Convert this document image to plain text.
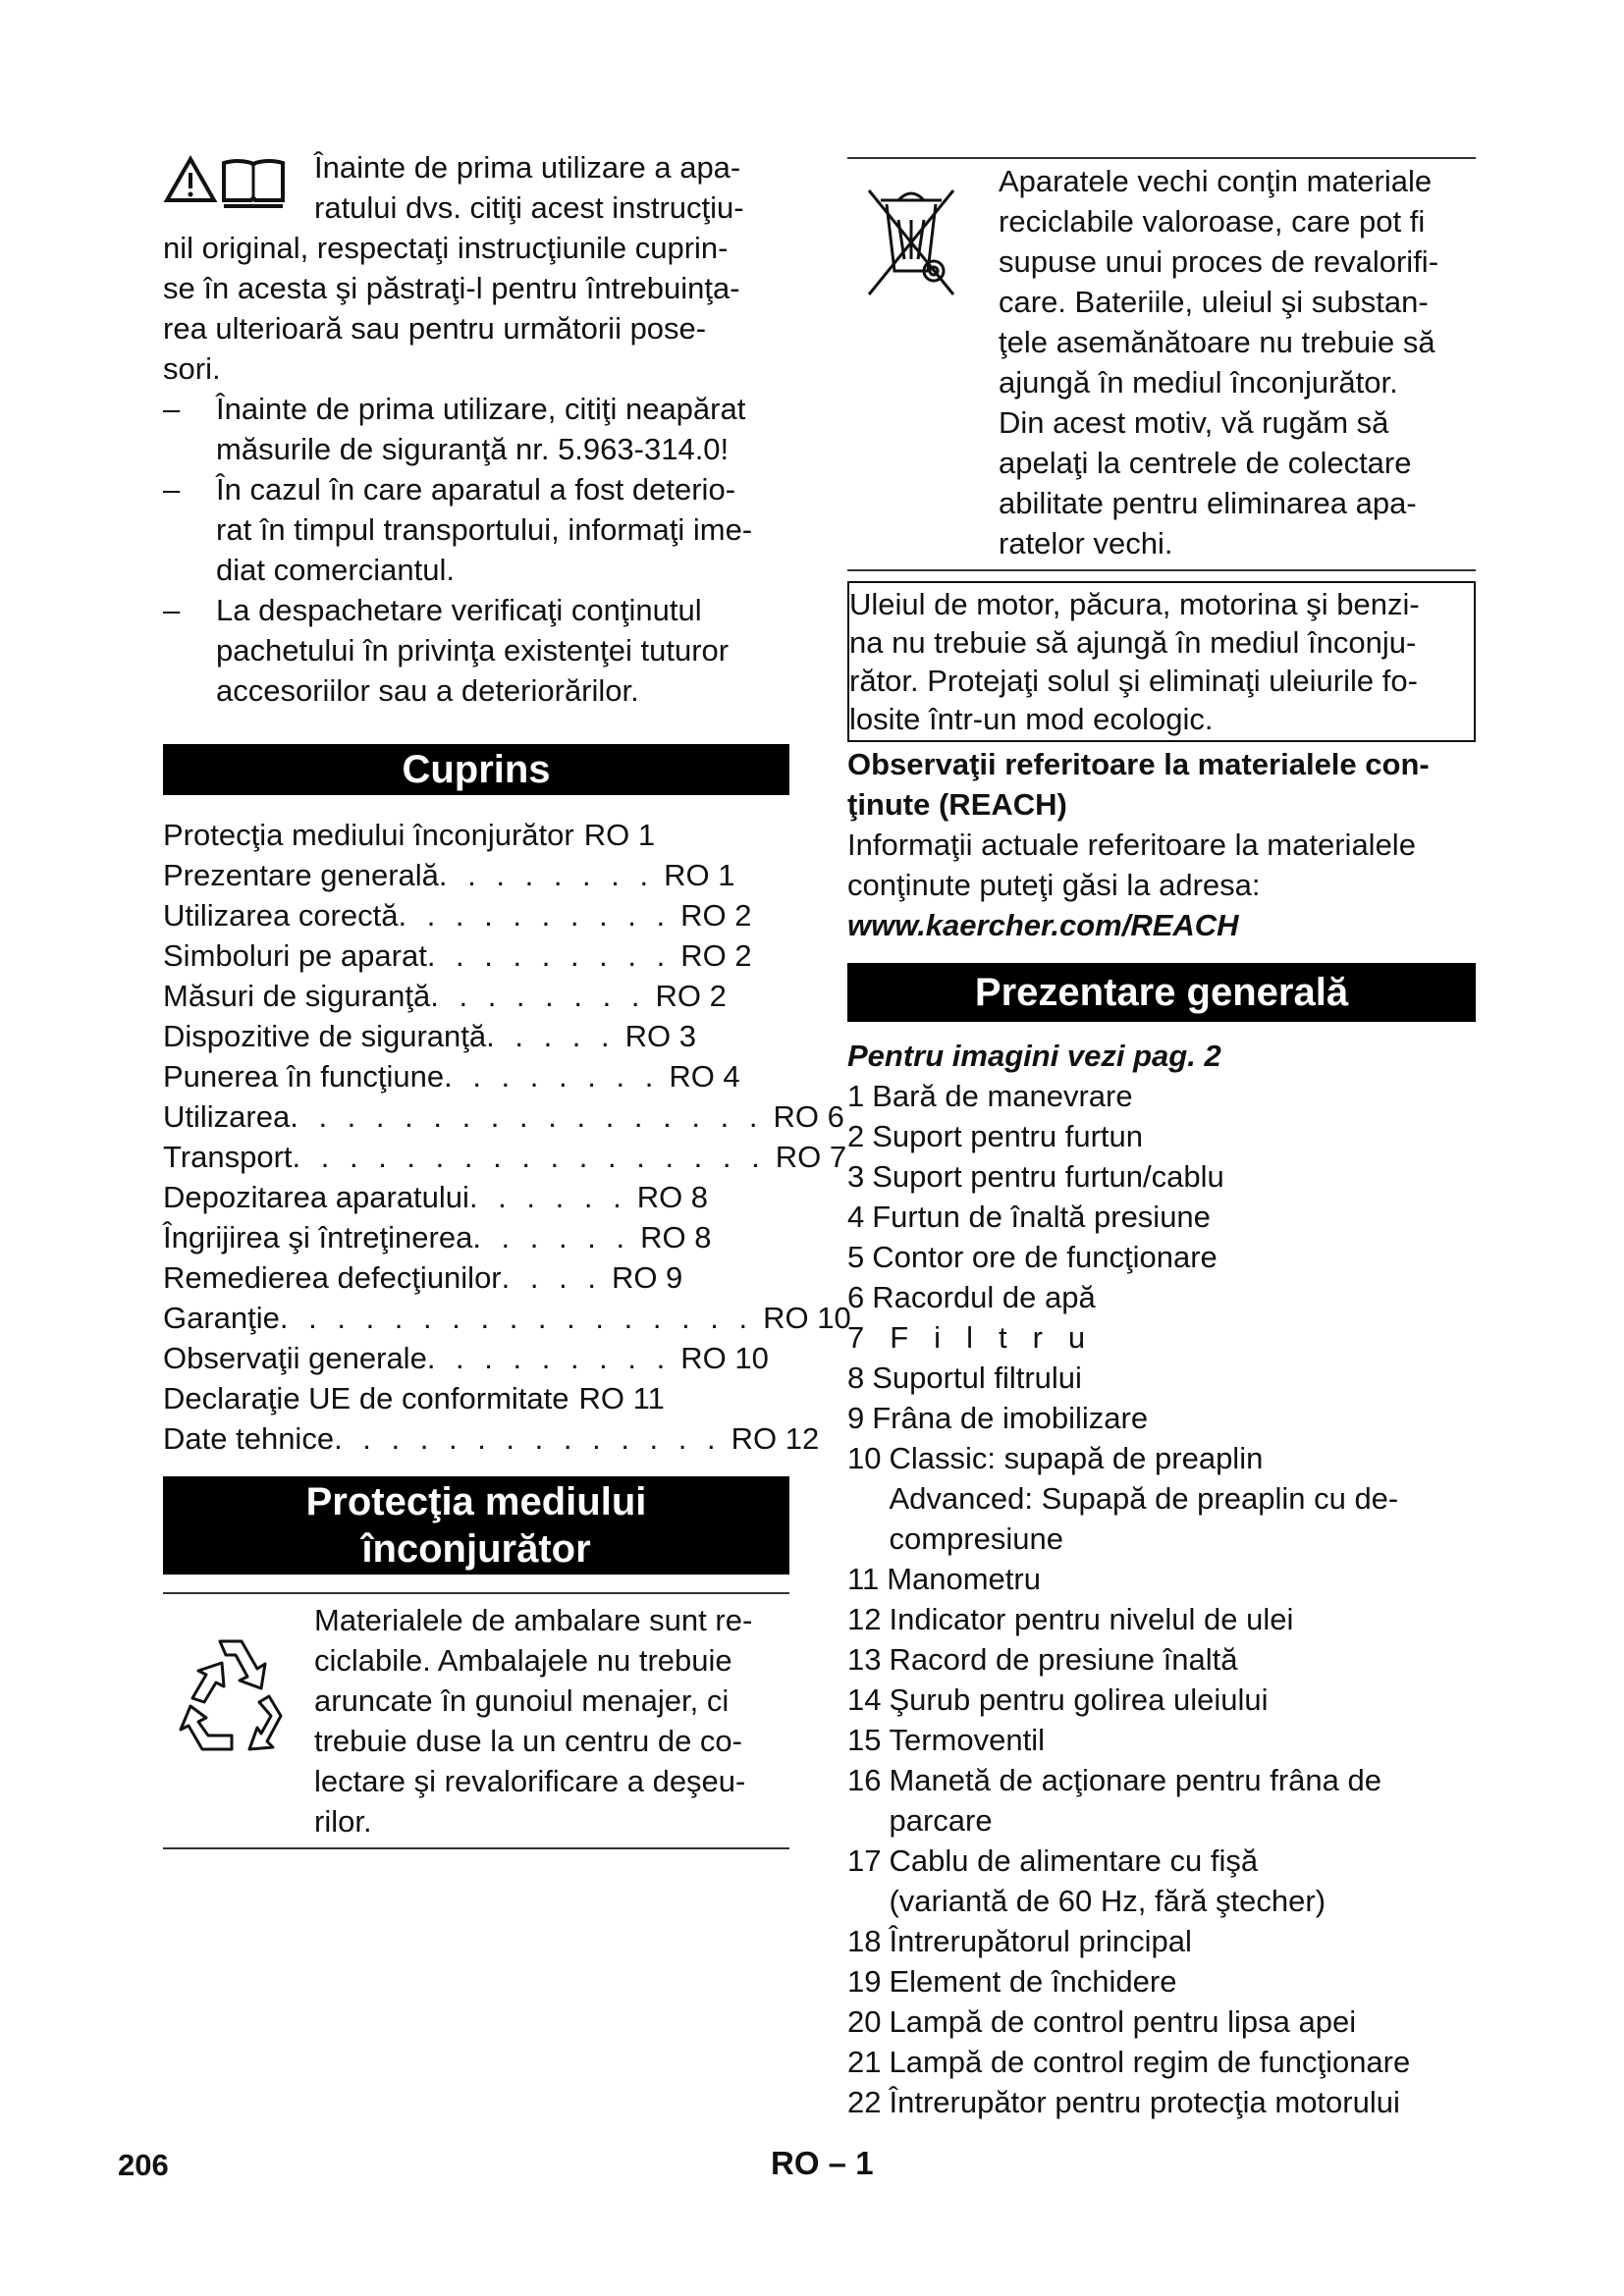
Înainte de prima utilizare a apa-
ratului dvs. citiţi acest instrucţiu-
nil original, respectaţi instrucţiunile cuprin-
se în acesta şi păstraţi-l pentru întrebuinţa-
rea ulterioară sau pentru următorii pose-
sori.

– Înainte de prima utilizare, citiţi neapărat
măsurile de siguranţă nr. 5.963-314.0!

– În cazul în care aparatul a fost deterio-
rat în timpul transportului, informaţi ime-
diat comerciantul.

– La despachetare verificaţi conţinutul
pachetului în privinţa existenţei tuturor
accesoriilor sau a deteriorărilor.

Cuprins
Protecţia mediului înconjurător RO 1
Prezentare generală . . . . . . . . RO 1
Utilizarea corectă . . . . . . . . . . RO 2
Simboluri pe aparat . . . . . . . . . RO 2
Măsuri de siguranţă . . . . . . . . RO 2
Dispozitive de siguranţă . . . . . RO 3
Punerea în funcţiune . . . . . . . . RO 4
Utilizarea . . . . . . . . . . . . . . . . . RO 6
Transport . . . . . . . . . . . . . . . . . RO 7
Depozitarea aparatului . . . . . . RO 8
Îngrijirea şi întreţinerea . . . . . . RO 8
Remedierea defecţiunilor . . . . RO 9
Garanţie . . . . . . . . . . . . . . . . . RO 10
Observaţii generale . . . . . . . . . RO 10
Declaraţie UE de conformitate RO 11
Date tehnice . . . . . . . . . . . . . . RO 12
Protecţia mediului
înconjurător

Materialele de ambalare sunt re-
ciclabile. Ambalajele nu trebuie
aruncate în gunoiul menajer, ci
trebuie duse la un centru de co-
lectare şi revalorificare a deşeu-
rilor.

Aparatele vechi conţin materiale
reciclabile valoroase, care pot fi
supuse unui proces de revalorifi-
care. Bateriile, uleiul şi substan-
ţele asemănătoare nu trebuie să
ajungă în mediul înconjurător.
Din acest motiv, vă rugăm să
apelaţi la centrele de colectare
abilitate pentru eliminarea apa-
ratelor vechi.

Uleiul de motor, păcura, motorina şi benzi-
na nu trebuie să ajungă în mediul înconju-
rător. Protejaţi solul şi eliminaţi uleiurile fo-
losite într-un mod ecologic.

Observaţii referitoare la materialele con-
ţinute (REACH)

Informaţii actuale referitoare la materialele
conţinute puteţi găsi la adresa:

www.kaercher.com/REACH

Prezentare generală

Pentru imagini vezi pag. 2

1 Bară de manevrare
2 Suport pentru furtun
3 Suport pentru furtun/cablu
4 Furtun de înaltă presiune
5 Contor ore de funcţionare
6 Racordul de apă
7 Filtru
8 Suportul filtrului
9 Frâna de imobilizare
10 Classic: supapă de preaplin
Advanced: Supapă de preaplin cu de-
compresiune
11 Manometru
12 Indicator pentru nivelul de ulei
13 Racord de presiune înaltă
14 Şurub pentru golirea uleiului
15 Termoventil
16 Manetă de acţionare pentru frâna de
parcare
17 Cablu de alimentare cu fişă
(variantă de 60 Hz, fără ştecher)
18 Întrerupătorul principal
19 Element de închidere
20 Lampă de control pentru lipsa apei
21 Lampă de control regim de funcţionare
22 Întrerupător pentru protecţia motorului
206	RO – 1
